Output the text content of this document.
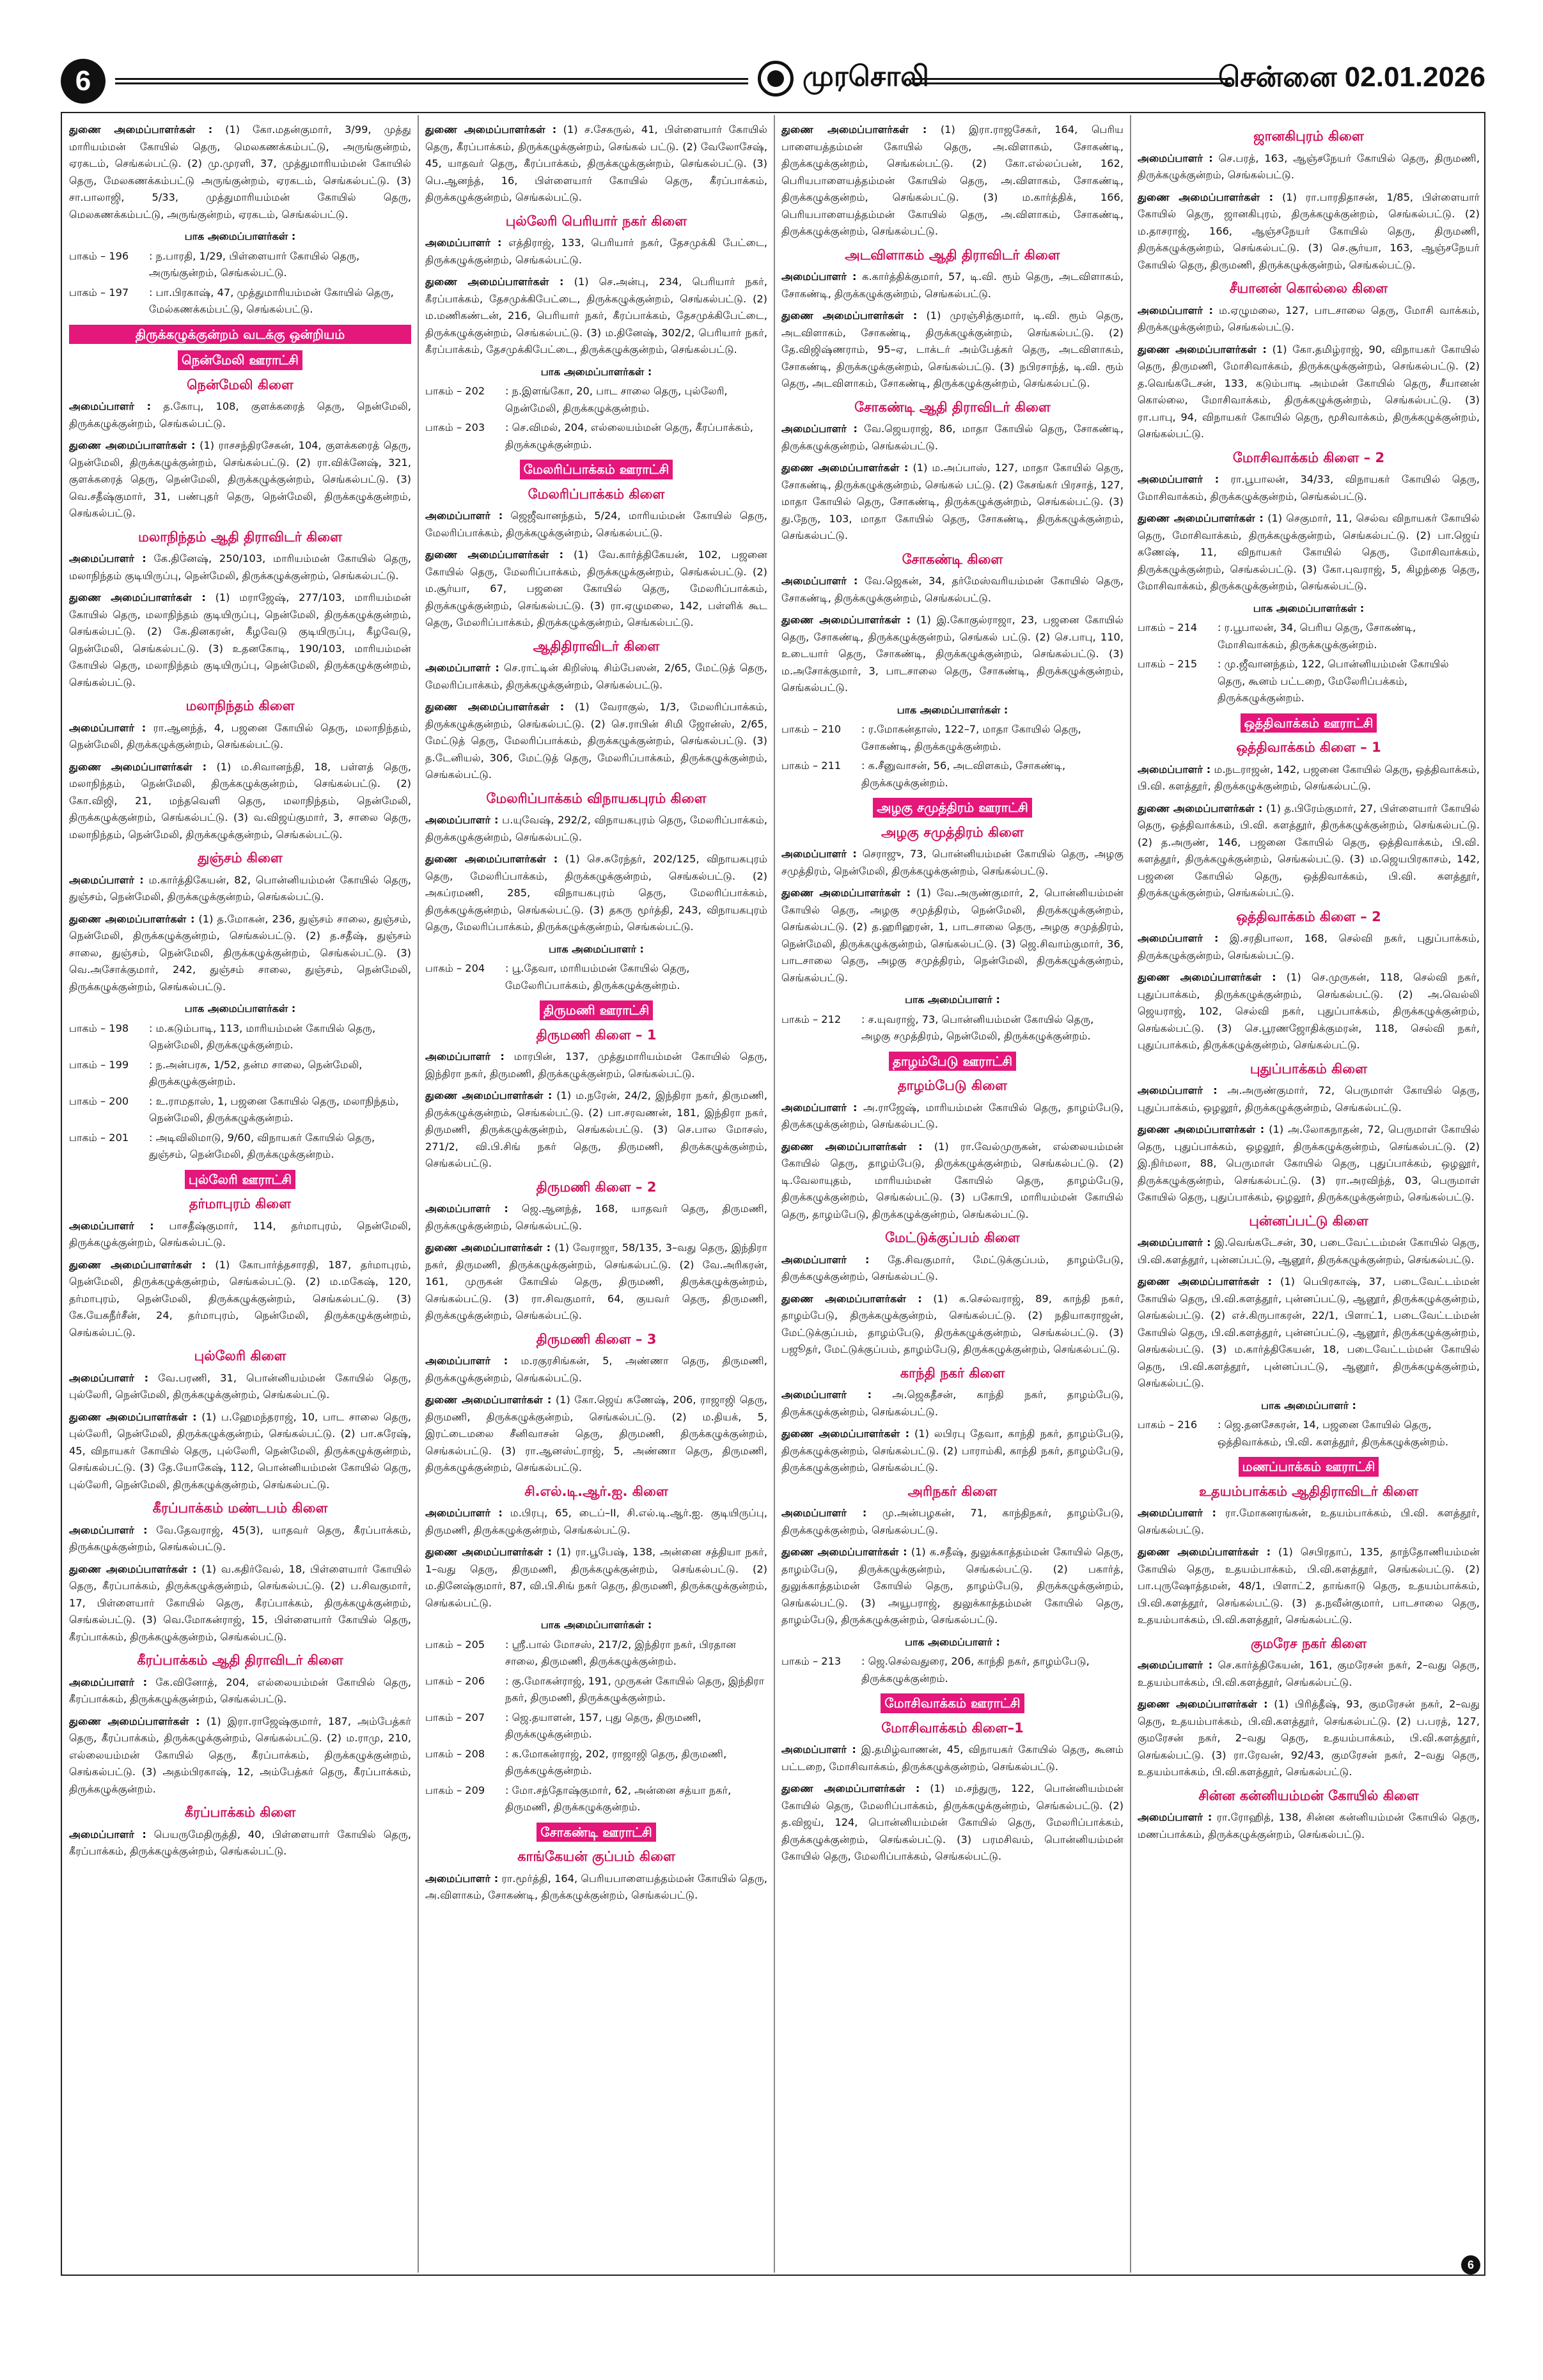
6	முரசொலி	சென்னை 02.01.2026

துணை அமைப்பாளர்கள் : (1) கோ.மதன்குமார், 3/99, முத்து மாரியம்மன் கோயில் தெரு, மெலகணக்கம்பட்டு, அருங்குன்றம், ஏரகடம், செங்கல்பட்டு. (2) மு.முரளி, 37, முத்துமாரியம்மன் கோயில் தெரு, மேலகணக்கம்பட்டு அருங்குன்றம், ஏரகடம், செங்கல்பட்டு. (3) சா.பாலாஜி, 5/33, முத்துமாரியம்மன் கோயில் தெரு, மெலகணக்கம்பட்டு, அருங்குன்றம், ஏரகடம், செங்கல்பட்டு.

பாக அமைப்பாளர்கள் :
பாகம் – 196	: ந.பாரதி, 1/29, பிள்ளையார் கோயில் தெரு, அருங்குன்றம், செங்கல்பட்டு.
பாகம் – 197	: பா.பிரகாஷ், 47, முத்துமாரியம்மன் கோயில் தெரு, மேல்கணக்கம்பட்டு, செங்கல்பட்டு.
திருக்கழுக்குன்றம் வடக்கு ஒன்றியம்
நென்மேலி ஊராட்சி
நென்மேலி கிளை

அமைப்பாளர் : த.கோபு, 108, குளக்கரைத் தெரு, நென்மேலி, திருக்கழுக்குன்றம், செங்கல்பட்டு.

துணை அமைப்பாளர்கள் : (1) ராசசந்திரசேகன், 104, குளக்கரைத் தெரு, நென்மேலி, திருக்கழுக்குன்றம், செங்கல்பட்டு. (2) ரா.விக்னேஷ், 321, குளக்கரைத் தெரு, நென்மேலி, திருக்கழுக்குன்றம், செங்கல்பட்டு. (3) வெ.சதீஷ்குமார், 31, பண்புதர் தெரு, நென்மேலி, திருக்கழுக்குன்றம், செங்கல்பட்டு.

மலாநிந்தம் ஆதி திராவிடர் கிளை

அமைப்பாளர் : கே.தினேஷ், 250/103, மாரியம்மன் கோயில் தெரு, மலாநிந்தம் குடியிருப்பு, நென்மேலி, திருக்கழுக்குன்றம், செங்கல்பட்டு.

துணை அமைப்பாளர்கள் : (1) மராஜேஷ், 277/103, மாரியம்மன் கோயில் தெரு, மலாநிந்தம் குடியிருப்பு, நென்மேலி, திருக்கழுக்குன்றம், செங்கல்பட்டு. (2) கே.தினகரன், கீழவேடு குடியிருப்பு, கீழவேடு, நென்மேலி, செங்கல்பட்டு. (3) உதனகோடி, 190/103, மாரியம்மன் கோயில் தெரு, மலாநிந்தம் குடியிருப்பு, நென்மேலி, திருக்கழுக்குன்றம், செங்கல்பட்டு.

மலாநிந்தம் கிளை

அமைப்பாளர் : ரா.ஆனந்த், 4, பஜனை கோயில் தெரு, மலாநிந்தம், நென்மேலி, திருக்கழுக்குன்றம், செங்கல்பட்டு.

துணை அமைப்பாளர்கள் : (1) ம.சிவானந்தி, 18, பள்ளத் தெரு, மலாநிந்தம், நென்மேலி, திருக்கழுக்குன்றம், செங்கல்பட்டு. (2) கோ.விஜி, 21, மந்தவெளி தெரு, மலாநிந்தம், நென்மேலி, திருக்கழுக்குன்றம், செங்கல்பட்டு. (3) வ.விஜய்குமார், 3, சாலை தெரு, மலாநிந்தம், நென்மேலி, திருக்கழுக்குன்றம், செங்கல்பட்டு.

துஞ்சம் கிளை

அமைப்பாளர் : ம.கார்த்திகேயன், 82, பொன்னியம்மன் கோயில் தெரு, துஞ்சம், நென்மேலி, திருக்கழுக்குன்றம், செங்கல்பட்டு.

துணை அமைப்பாளர்கள் : (1) த.மோகன், 236, துஞ்சம் சாலை, துஞ்சம், நென்மேலி, திருக்கழுக்குன்றம், செங்கல்பட்டு. (2) த.சதீஷ், துஞ்சம் சாலை, துஞ்சம், நென்மேலி, திருக்கழுக்குன்றம், செங்கல்பட்டு. (3) வெ.அசோக்குமார், 242, துஞ்சம் சாலை, துஞ்சம், நென்மேலி, திருக்கழுக்குன்றம், செங்கல்பட்டு.

பாக அமைப்பாளர்கள் :
பாகம் – 198	: ம.கடும்பாடி, 113, மாரியம்மன் கோயில் தெரு, நென்மேலி, திருக்கழுக்குன்றம்.
பாகம் – 199	: ந.அன்பரசு, 1/52, தன்ம சாலை, நென்மேலி, திருக்கழுக்குன்றம்.
பாகம் – 200	: உ.ராமதாஸ், 1, பஜனை கோயில் தெரு, மலாநிந்தம், நென்மேலி, திருக்கழுக்குன்றம்.
பாகம் – 201	: அடிவிலிமாடு, 9/60, விநாயகர் கோயில் தெரு, துஞ்சம், நென்மேலி, திருக்கழுக்குன்றம்.
புல்லேரி ஊராட்சி
தர்மாபுரம் கிளை

அமைப்பாளர் : பாசதீஷ்குமார், 114, தர்மாபுரம், நென்மேலி, திருக்கழுக்குன்றம், செங்கல்பட்டு.

துணை அமைப்பாளர்கள் : (1) கோபார்த்தசாரதி, 187, தர்மாபுரம், நென்மேலி, திருக்கழுக்குன்றம், செங்கல்பட்டு. (2) ம.மகேஷ், 120, தர்மாபுரம், நென்மேலி, திருக்கழுக்குன்றம், செங்கல்பட்டு. (3) கே.யேசுநீர்சீன், 24, தர்மாபுரம், நென்மேலி, திருக்கழுக்குன்றம், செங்கல்பட்டு.

புல்லேரி கிளை

அமைப்பாளர் : வே.பரணி, 31, பொன்னியம்மன் கோயில் தெரு, புல்லேரி, நென்மேலி, திருக்கழுக்குன்றம், செங்கல்பட்டு.

துணை அமைப்பாளர்கள் : (1) ப.ஹேமந்தராஜ், 10, பாட சாலை தெரு, புல்லேரி, நென்மேலி, திருக்கழுக்குன்றம், செங்கல்பட்டு. (2) பா.சுரேஷ், 45, விநாயகர் கோயில் தெரு, புல்லேரி, நென்மேலி, திருக்கழுக்குன்றம், செங்கல்பட்டு. (3) தே.யோகேஷ், 112, பொன்னியம்மன் கோயில் தெரு, புல்லேரி, நென்மேலி, திருக்கழுக்குன்றம், செங்கல்பட்டு.

கீரப்பாக்கம் மண்டபம் கிளை

அமைப்பாளர் : வே.தேவராஜ், 45(3), யாதவர் தெரு, கீரப்பாக்கம், திருக்கழுக்குன்றம், செங்கல்பட்டு.

துணை அமைப்பாளர்கள் : (1) வ.கதிர்வேல், 18, பிள்ளையார் கோயில் தெரு, கீரப்பாக்கம், திருக்கழுக்குன்றம், செங்கல்பட்டு. (2) ப.சிவகுமார், 17, பிள்ளையார் கோயில் தெரு, கீரப்பாக்கம், திருக்கழுக்குன்றம், செங்கல்பட்டு. (3) வெ.மோகன்ராஜ், 15, பிள்ளையார் கோயில் தெரு, கீரப்பாக்கம், திருக்கழுக்குன்றம், செங்கல்பட்டு.

கீரப்பாக்கம் ஆதி திராவிடர் கிளை

அமைப்பாளர் : கே.வினோத், 204, எல்லையம்மன் கோயில் தெரு, கீரப்பாக்கம், திருக்கழுக்குன்றம், செங்கல்பட்டு.

துணை அமைப்பாளர்கள் : (1) இரா.ராஜேஷ்குமார், 187, அம்பேத்கர் தெரு, கீரப்பாக்கம், திருக்கழுக்குன்றம், செங்கல்பட்டு. (2) ம.ராமு, 210, எல்லையம்மன் கோயில் தெரு, கீரப்பாக்கம், திருக்கழுக்குன்றம், செங்கல்பட்டு. (3) அதம்பிரகாஷ், 12, அம்பேத்கர் தெரு, கீரப்பாக்கம், திருக்கழுக்குன்றம்.

கீரப்பாக்கம் கிளை

அமைப்பாளர் : பெயருமேதிருத்தி, 40, பிள்ளையார் கோயில் தெரு, கீரப்பாக்கம், திருக்கழுக்குன்றம், செங்கல்பட்டு.

துணை அமைப்பாளர்கள் : (1) ச.சேகருல், 41, பிள்ளையார் கோயில் தெரு, கீரப்பாக்கம், திருக்கழுக்குன்றம், செங்கல் பட்டு. (2) வேலோசேஷ், 45, யாதவர் தெரு, கீரப்பாக்கம், திருக்கழுக்குன்றம், செங்கல்பட்டு. (3) பெ.ஆனந்த், 16, பிள்ளையார் கோயில் தெரு, கீரப்பாக்கம், திருக்கழுக்குன்றம், செங்கல்பட்டு.

புல்லேரி பெரியார் நகர் கிளை

அமைப்பாளர் : எத்திராஜ், 133, பெரியார் நகர், தேசமுக்கி பேட்டை, திருக்கழுக்குன்றம், செங்கல்பட்டு.

துணை அமைப்பாளர்கள் : (1) செ.அன்பு, 234, பெரியார் நகர், கீரப்பாக்கம், தேசமுக்கிபேட்டை, திருக்கழுக்குன்றம், செங்கல்பட்டு. (2) ம.மணிகண்டன், 216, பெரியார் நகர், கீரப்பாக்கம், தேசமுக்கிபேட்டை, திருக்கழுக்குன்றம், செங்கல்பட்டு. (3) ம.தினேஷ், 302/2, பெரியார் நகர், கீரப்பாக்கம், தேசமுக்கிபேட்டை, திருக்கழுக்குன்றம், செங்கல்பட்டு.

பாக அமைப்பாளர்கள் :
பாகம் – 202	: ந.இளங்கோ, 20, பாட சாலை தெரு, புல்லேரி, நென்மேலி, திருக்கழுக்குன்றம்.
பாகம் – 203	: செ.விமல், 204, எல்லையம்மன் தெரு, கீரப்பாக்கம், திருக்கழுக்குன்றம்.
மேலரிப்பாக்கம் ஊராட்சி
மேலரிப்பாக்கம் கிளை

அமைப்பாளர் : ஜெஜீவானந்தம், 5/24, மாரியம்மன் கோயில் தெரு, மேலரிப்பாக்கம், திருக்கழுக்குன்றம், செங்கல்பட்டு.

துணை அமைப்பாளர்கள் : (1) வே.கார்த்திகேயன், 102, பஜனை கோயில் தெரு, மேலரிப்பாக்கம், திருக்கழுக்குன்றம், செங்கல்பட்டு. (2) ம.சூர்யா, 67, பஜனை கோயில் தெரு, மேலரிப்பாக்கம், திருக்கழுக்குன்றம், செங்கல்பட்டு. (3) ரா.ஏழுமலை, 142, பள்ளிக் கூட தெரு, மேலரிப்பாக்கம், திருக்கழுக்குன்றம், செங்கல்பட்டு.

ஆதிதிராவிடர் கிளை

அமைப்பாளர் : செ.ராட்டின் கிறிஸ்டி சிம்பேஸன், 2/65, மேட்டுத் தெரு, மேலரிப்பாக்கம், திருக்கழுக்குன்றம், செங்கல்பட்டு.

துணை அமைப்பாளர்கள் : (1) வேராகுல், 1/3, மேலரிப்பாக்கம், திருக்கழுக்குன்றம், செங்கல்பட்டு. (2) செ.ராபின் சிமி ஜோன்ஸ், 2/65, மேட்டுத் தெரு, மேலரிப்பாக்கம், திருக்கழுக்குன்றம், செங்கல்பட்டு. (3) த.டேனியல், 306, மேட்டுத் தெரு, மேலரிப்பாக்கம், திருக்கழுக்குன்றம், செங்கல்பட்டு.

மேலரிப்பாக்கம் விநாயகபுரம் கிளை

அமைப்பாளர் : ப.யுவேஷ், 292/2, விநாயகபுரம் தெரு, மேலரிப்பாக்கம், திருக்கழுக்குன்றம், செங்கல்பட்டு.

துணை அமைப்பாளர்கள் : (1) செ.சுரேந்தர், 202/125, விநாயகபுரம் தெரு, மேலரிப்பாக்கம், திருக்கழுக்குன்றம், செங்கல்பட்டு. (2) அகப்ரமணி, 285, விநாயகபுரம் தெரு, மேலரிப்பாக்கம், திருக்கழுக்குன்றம், செங்கல்பட்டு. (3) தகரு மூர்த்தி, 243, விநாயகபுரம் தெரு, மேலரிப்பாக்கம், திருக்கழுக்குன்றம், செங்கல்பட்டு.

பாக அமைப்பாளர் :
பாகம் – 204	: பூ.தேவா, மாரியம்மன் கோயில் தெரு, மேலேரிப்பாக்கம், திருக்கழுக்குன்றம்.
திருமணி ஊராட்சி
திருமணி கிளை – 1

அமைப்பாளர் : மாரபின், 137, முத்துமாரியம்மன் கோயில் தெரு, இந்திரா நகர், திருமணி, திருக்கழுக்குன்றம், செங்கல்பட்டு.

துணை அமைப்பாளர்கள் : (1) ம.நரேன், 24/2, இந்திரா நகர், திருமணி, திருக்கழுக்குன்றம், செங்கல்பட்டு. (2) பா.சரவணன், 181, இந்திரா நகர், திருமணி, திருக்கழுக்குன்றம், செங்கல்பட்டு. (3) செ.பால மோசஸ், 271/2, வி.பி.சிங் நகர் தெரு, திருமணி, திருக்கழுக்குன்றம், செங்கல்பட்டு.

திருமணி கிளை – 2

அமைப்பாளர் : ஜெ.ஆனந்த், 168, யாதவர் தெரு, திருமணி, திருக்கழுக்குன்றம், செங்கல்பட்டு.

துணை அமைப்பாளர்கள் : (1) வேராஜா, 58/135, 3–வது தெரு, இந்திரா நகர், திருமணி, திருக்கழுக்குன்றம், செங்கல்பட்டு. (2) வே.அரிகரன், 161, முருகன் கோயில் தெரு, திருமணி, திருக்கழுக்குன்றம், செங்கல்பட்டு. (3) ரா.சிவகுமார், 64, குயவர் தெரு, திருமணி, திருக்கழுக்குன்றம், செங்கல்பட்டு.

திருமணி கிளை – 3

அமைப்பாளர் : ம.ரகுரசிங்கன், 5, அண்ணா தெரு, திருமணி, திருக்கழுக்குன்றம், செங்கல்பட்டு.

துணை அமைப்பாளர்கள் : (1) கோ.ஜெய் கணேஷ், 206, ராஜாஜி தெரு, திருமணி, திருக்கழுக்குன்றம், செங்கல்பட்டு. (2) ம.தியக், 5, இரட்டைமலை சீனிவாசன் தெரு, திருமணி, திருக்கழுக்குன்றம், செங்கல்பட்டு. (3) ரா.ஆனஸ்ட்ராஜ், 5, அண்ணா தெரு, திருமணி, திருக்கழுக்குன்றம், செங்கல்பட்டு.

சி.எல்.டி.ஆர்.ஐ. கிளை

அமைப்பாளர் : ம.பிரபு, 65, டைப்–II, சி.எல்.டி.ஆர்.ஐ. குடியிருப்பு, திருமணி, திருக்கழுக்குன்றம், செங்கல்பட்டு.

துணை அமைப்பாளர்கள் : (1) ரா.பூபேஷ், 138, அன்னை சத்தியா நகர், 1–வது தெரு, திருமணி, திருக்கழுக்குன்றம், செங்கல்பட்டு. (2) ம.தினேஷ்குமார், 87, வி.பி.சிங் நகர் தெரு, திருமணி, திருக்கழுக்குன்றம், செங்கல்பட்டு.

பாக அமைப்பாளர்கள் :
பாகம் – 205	: ஸ்ரீ.பால் மோசஸ், 217/2, இந்திரா நகர், பிரதான சாலை, திருமணி, திருக்கழுக்குன்றம்.
பாகம் – 206	: கு.மோகன்ராஜ், 191, முருகன் கோயில் தெரு, இந்திரா நகர், திருமணி, திருக்கழுக்குன்றம்.
பாகம் – 207	: ஜெ.தயாளன், 157, புது தெரு, திருமணி, திருக்கழுக்குன்றம்.
பாகம் – 208	: க.மோகன்ராஜ், 202, ராஜாஜி தெரு, திருமணி, திருக்கழுக்குன்றம்.
பாகம் – 209	: மோ.சந்தோஷ்குமார், 62, அன்னை சத்யா நகர், திருமணி, திருக்கழுக்குன்றம்.
சோகண்டி ஊராட்சி
காங்கேயன் குப்பம் கிளை

அமைப்பாளர் : ரா.மூர்த்தி, 164, பெரியபாளையத்தம்மன் கோயில் தெரு, அ.விளாகம், சோகண்டி, திருக்கழுக்குன்றம், செங்கல்பட்டு.

துணை அமைப்பாளர்கள் : (1) இரா.ராஜசேகர், 164, பெரிய பாளையத்தம்மன் கோயில் தெரு, அ.விளாகம், சோகண்டி, திருக்கழுக்குன்றம், செங்கல்பட்டு. (2) கோ.எல்லப்பன், 162, பெரியபாளையத்தம்மன் கோயில் தெரு, அ.விளாகம், சோகண்டி, திருக்கழுக்குன்றம், செங்கல்பட்டு. (3) ம.கார்த்திக், 166, பெரியபாளையத்தம்மன் கோயில் தெரு, அ.விளாகம், சோகண்டி, திருக்கழுக்குன்றம், செங்கல்பட்டு.

அடவிளாகம் ஆதி திராவிடர் கிளை

அமைப்பாளர் : க.கார்த்திக்குமார், 57, டி.வி. ரூம் தெரு, அடவிளாகம், சோகண்டி, திருக்கழுக்குன்றம், செங்கல்பட்டு.

துணை அமைப்பாளர்கள் : (1) முரஞ்சித்குமார், டி.வி. ரூம் தெரு, அடவிளாகம், சோகண்டி, திருக்கழுக்குன்றம், செங்கல்பட்டு. (2) தே.விஜிஷ்ணராம், 95–ஏ, டாக்டர் அம்பேத்கர் தெரு, அடவிளாகம், சோகண்டி, திருக்கழுக்குன்றம், செங்கல்பட்டு. (3) நபிரசாந்த், டி.வி. ரூம் தெரு, அடவிளாகம், சோகண்டி, திருக்கழுக்குன்றம், செங்கல்பட்டு.

சோகண்டி ஆதி திராவிடர் கிளை

அமைப்பாளர் : வே.ஜெயராஜ், 86, மாதா கோயில் தெரு, சோகண்டி, திருக்கழுக்குன்றம், செங்கல்பட்டு.

துணை அமைப்பாளர்கள் : (1) ம.அப்பாஸ், 127, மாதா கோயில் தெரு, சோகண்டி, திருக்கழுக்குன்றம், செங்கல் பட்டு. (2) கேசங்கர் பிரசாத், 127, மாதா கோயில் தெரு, சோகண்டி, திருக்கழுக்குன்றம், செங்கல்பட்டு. (3) து.நேரு, 103, மாதா கோயில் தெரு, சோகண்டி, திருக்கழுக்குன்றம், செங்கல்பட்டு.

சோகண்டி கிளை

அமைப்பாளர் : வே.ஜெகன், 34, தர்மேஸ்வரியம்மன் கோயில் தெரு, சோகண்டி, திருக்கழுக்குன்றம், செங்கல்பட்டு.

துணை அமைப்பாளர்கள் : (1) இ.கோகுல்ராஜா, 23, பஜனை கோயில் தெரு, சோகண்டி, திருக்கழுக்குன்றம், செங்கல் பட்டு. (2) செ.பாபு, 110, உடையார் தெரு, சோகண்டி, திருக்கழுக்குன்றம், செங்கல்பட்டு. (3) ம.அசோக்குமார், 3, பாடசாலை தெரு, சோகண்டி, திருக்கழுக்குன்றம், செங்கல்பட்டு.

பாக அமைப்பாளர்கள் :
பாகம் – 210	: ர.மோகன்தாஸ், 122–7, மாதா கோயில் தெரு, சோகண்டி, திருக்கழுக்குன்றம்.
பாகம் – 211	: க.சீனுவாசன், 56, அடவிளகம், சோகண்டி, திருக்கழுக்குன்றம்.
அழகு சமுத்திரம் ஊராட்சி
அழகு சமுத்திரம் கிளை

அமைப்பாளர் : செராஜு, 73, பொன்னியம்மன் கோயில் தெரு, அழகு சமுத்திரம், நென்மேலி, திருக்கழுக்குன்றம், செங்கல்பட்டு.

துணை அமைப்பாளர்கள் : (1) வே.அருண்குமார், 2, பொன்னியம்மன் கோயில் தெரு, அழகு சமுத்திரம், நென்மேலி, திருக்கழுக்குன்றம், செங்கல்பட்டு. (2) த.ஹரிஹரன், 1, பாடசாலை தெரு, அழகு சமுத்திரம், நென்மேலி, திருக்கழுக்குன்றம், செங்கல்பட்டு. (3) ஜெ.சிவாம்குமார், 36, பாடசாலை தெரு, அழகு சமுத்திரம், நென்மேலி, திருக்கழுக்குன்றம், செங்கல்பட்டு.

பாக அமைப்பாளர் :
பாகம் – 212	: ச.யுவராஜ், 73, பொன்னியம்மன் கோயில் தெரு, அழகு சமுத்திரம், நென்மேலி, திருக்கழுக்குன்றம்.
தாழம்பேடு ஊராட்சி
தாழம்பேடு கிளை

அமைப்பாளர் : அ.ராஜேஷ், மாரியம்மன் கோயில் தெரு, தாழம்பேடு, திருக்கழுக்குன்றம், செங்கல்பட்டு.

துணை அமைப்பாளர்கள் : (1) ரா.வேல்முருகன், எல்லையம்மன் கோயில் தெரு, தாழம்பேடு, திருக்கழுக்குன்றம், செங்கல்பட்டு. (2) டி.வேலாயுதம், மாரியம்மன் கோயில் தெரு, தாழம்பேடு, திருக்கழுக்குன்றம், செங்கல்பட்டு. (3) பகோபி, மாரியம்மன் கோயில் தெரு, தாழம்பேடு, திருக்கழுக்குன்றம், செங்கல்பட்டு.

மேட்டுக்குப்பம் கிளை

அமைப்பாளர் : தே.சிவகுமார், மேட்டுக்குப்பம், தாழம்பேடு, திருக்கழுக்குன்றம், செங்கல்பட்டு.

துணை அமைப்பாளர்கள் : (1) க.செல்வராஜ், 89, காந்தி நகர், தாழம்பேடு, திருக்கழுக்குன்றம், செங்கல்பட்டு. (2) நதியாகராஜன், மேட்டுக்குப்பம், தாழம்பேடு, திருக்கழுக்குன்றம், செங்கல்பட்டு. (3) பஜூதர், மேட்டுக்குப்பம், தாழம்பேடு, திருக்கழுக்குன்றம், செங்கல்பட்டு.

காந்தி நகர் கிளை

அமைப்பாளர் : அ.ஜெகதீசன், காந்தி நகர், தாழம்பேடு, திருக்கழுக்குன்றம், செங்கல்பட்டு.

துணை அமைப்பாளர்கள் : (1) லபிரபு தேவா, காந்தி நகர், தாழம்பேடு, திருக்கழுக்குன்றம், செங்கல்பட்டு. (2) பாராம்கி, காந்தி நகர், தாழம்பேடு, திருக்கழுக்குன்றம், செங்கல்பட்டு.

அரிநகர் கிளை

அமைப்பாளர் : மு.அன்பழகன், 71, காந்திநகர், தாழம்பேடு, திருக்கழுக்குன்றம், செங்கல்பட்டு.

துணை அமைப்பாளர்கள் : (1) க.சதீஷ், துலுக்காத்தம்மன் கோயில் தெரு, தாழம்பேடு, திருக்கழுக்குன்றம், செங்கல்பட்டு. (2) பகார்த், துலுக்காத்தம்மன் கோயில் தெரு, தாழம்பேடு, திருக்கழுக்குன்றம், செங்கல்பட்டு. (3) அயூபராஜ், துலுக்காத்தம்மன் கோயில் தெரு, தாழம்பேடு, திருக்கழுக்குன்றம், செங்கல்பட்டு.

பாக அமைப்பாளர் :
பாகம் – 213	: ஜெ.செல்வதுரை, 206, காந்தி நகர், தாழம்பேடு, திருக்கழுக்குன்றம்.
மோசிவாக்கம் ஊராட்சி
மோசிவாக்கம் கிளை–1

அமைப்பாளர் : இ.தமிழ்வாணன், 45, விநாயகர் கோயில் தெரு, கூனம் பட்டறை, மோசிவாக்கம், திருக்கழுக்குன்றம், செங்கல்பட்டு.

துணை அமைப்பாளர்கள் : (1) ம.சந்துரு, 122, பொன்னியம்மன் கோயில் தெரு, மேலரிப்பாக்கம், திருக்கழுக்குன்றம், செங்கல்பட்டு. (2) த.விஜய், 124, பொன்னியம்மன் கோயில் தெரு, மேலரிப்பாக்கம், திருக்கழுக்குன்றம், செங்கல்பட்டு. (3) பரமசிவம், பொன்னியம்மன் கோயில் தெரு, மேலரிப்பாக்கம், செங்கல்பட்டு.

ஜானகிபுரம் கிளை

அமைப்பாளர் : செ.பரத், 163, ஆஞ்சநேயர் கோயில் தெரு, திருமணி, திருக்கழுக்குன்றம், செங்கல்பட்டு.

துணை அமைப்பாளர்கள் : (1) ரா.பாரதிதாசன், 1/85, பிள்ளையார் கோயில் தெரு, ஜானகிபுரம், திருக்கழுக்குன்றம், செங்கல்பட்டு. (2) ம.தாசராஜ், 166, ஆஞ்சநேயர் கோயில் தெரு, திருமணி, திருக்கழுக்குன்றம், செங்கல்பட்டு. (3) செ.சூர்யா, 163, ஆஞ்சநேயர் கோயில் தெரு, திருமணி, திருக்கழுக்குன்றம், செங்கல்பட்டு.

சீயானன் கொல்லை கிளை

அமைப்பாளர் : ம.ஏழுமலை, 127, பாடசாலை தெரு, மோசி வாக்கம், திருக்கழுக்குன்றம், செங்கல்பட்டு.

துணை அமைப்பாளர்கள் : (1) கோ.தமிழ்ராஜ், 90, விநாயகர் கோயில் தெரு, திருமணி, மோசிவாக்கம், திருக்கழுக்குன்றம், செங்கல்பட்டு. (2) த.வெங்கடேசன், 133, கடும்பாடி அம்மன் கோயில் தெரு, சீயானன் கொல்லை, மோசிவாக்கம், திருக்கழுக்குன்றம், செங்கல்பட்டு. (3) ரா.பாபு, 94, விநாயகர் கோயில் தெரு, மூசிவாக்கம், திருக்கழுக்குன்றம், செங்கல்பட்டு.

மோசிவாக்கம் கிளை – 2

அமைப்பாளர் : ரா.பூபாலன், 34/33, விநாயகர் கோயில் தெரு, மோசிவாக்கம், திருக்கழுக்குன்றம், செங்கல்பட்டு.

துணை அமைப்பாளர்கள் : (1) செகுமார், 11, செல்வ விநாயகர் கோயில் தெரு, மோசிவாக்கம், திருக்கழுக்குன்றம், செங்கல்பட்டு. (2) பா.ஜெய் கணேஷ், 11, விநாயகர் கோயில் தெரு, மோசிவாக்கம், திருக்கழுக்குன்றம், செங்கல்பட்டு. (3) கோ.புவராஜ், 5, கிழந்தை தெரு, மோசிவாக்கம், திருக்கழுக்குன்றம், செங்கல்பட்டு.

பாக அமைப்பாளர்கள் :
பாகம் – 214	: ர.பூபாலன், 34, பெரிய தெரு, சோகண்டி, மோசிவாக்கம், திருக்கழுக்குன்றம்.
பாகம் – 215	: மு.ஜீவானந்தம், 122, பொன்னியம்மன் கோயில் தெரு, கூனம் பட்டறை, மேலேரிப்பக்கம், திருக்கழுக்குன்றம்.
ஒத்திவாக்கம் ஊராட்சி
ஒத்திவாக்கம் கிளை – 1

அமைப்பாளர் : ம.நடராஜன், 142, பஜனை கோயில் தெரு, ஒத்திவாக்கம், பி.வி. களத்தூர், திருக்கழுக்குன்றம், செங்கல்பட்டு.

துணை அமைப்பாளர்கள் : (1) த.பிரேம்குமார், 27, பிள்ளையார் கோயில் தெரு, ஒத்திவாக்கம், பி.வி. களத்தூர், திருக்கழுக்குன்றம், செங்கல்பட்டு. (2) த.அருண், 146, பஜனை கோயில் தெரு, ஒத்திவாக்கம், பி.வி. களத்தூர், திருக்கழுக்குன்றம், செங்கல்பட்டு. (3) ம.ஜெயபிரகாசம், 142, பஜனை கோயில் தெரு, ஒத்திவாக்கம், பி.வி. களத்தூர், திருக்கழுக்குன்றம், செங்கல்பட்டு.

ஒத்திவாக்கம் கிளை – 2

அமைப்பாளர் : இ.சரதிபாலா, 168, செல்வி நகர், புதுப்பாக்கம், திருக்கழுக்குன்றம், செங்கல்பட்டு.

துணை அமைப்பாளர்கள் : (1) செ.முருகன், 118, செல்வி நகர், புதுப்பாக்கம், திருக்கழுக்குன்றம், செங்கல்பட்டு. (2) அ.வெல்லி ஜெயராஜ், 102, செல்வி நகர், புதுப்பாக்கம், திருக்கழுக்குன்றம், செங்கல்பட்டு. (3) செ.பூரணஜோதிக்குமரன், 118, செல்வி நகர், புதுப்பாக்கம், திருக்கழுக்குன்றம், செங்கல்பட்டு.

புதுப்பாக்கம் கிளை

அமைப்பாளர் : அ.அருண்குமார், 72, பெருமாள் கோயில் தெரு, புதுப்பாக்கம், ஒழலூர், திருக்கழுக்குன்றம், செங்கல்பட்டு.

துணை அமைப்பாளர்கள் : (1) அ.லோகநாதன், 72, பெருமாள் கோயில் தெரு, புதுப்பாக்கம், ஒழலூர், திருக்கழுக்குன்றம், செங்கல்பட்டு. (2) இ.நிர்மலா, 88, பெருமாள் கோயில் தெரு, புதுப்பாக்கம், ஒழலூர், திருக்கழுக்குன்றம், செங்கல்பட்டு. (3) ரா.அரவிந்த், 03, பெருமாள் கோயில் தெரு, புதுப்பாக்கம், ஒழலூர், திருக்கழுக்குன்றம், செங்கல்பட்டு.

புன்னப்பட்டு கிளை

அமைப்பாளர் : இ.வெங்கடேசன், 30, படைவேட்டம்மன் கோயில் தெரு, பி.வி.களத்தூர், புன்னப்பட்டு, ஆனூர், திருக்கழுக்குன்றம், செங்கல்பட்டு.

துணை அமைப்பாளர்கள் : (1) பெபிரகாஷ், 37, படைவேட்டம்மன் கோயில் தெரு, பி.வி.களத்தூர், புன்னப்பட்டு, ஆனூர், திருக்கழுக்குன்றம், செங்கல்பட்டு. (2) எச்.கிருபாகரன், 22/1, பிளாட்1, படைவேட்டம்மன் கோயில் தெரு, பி.வி.களத்தூர், புன்னப்பட்டு, ஆனூர், திருக்கழுக்குன்றம், செங்கல்பட்டு. (3) ம.கார்த்திகேயன், 18, படைவேட்டம்மன் கோயில் தெரு, பி.வி.களத்தூர், புன்னப்பட்டு, ஆனூர், திருக்கழுக்குன்றம், செங்கல்பட்டு.

பாக அமைப்பாளர் :
பாகம் – 216	: ஜெ.தனசேகரன், 14, பஜனை கோயில் தெரு, ஒத்திவாக்கம், பி.வி. களத்தூர், திருக்கழுக்குன்றம்.
மணப்பாக்கம் ஊராட்சி
உதயம்பாக்கம் ஆதிதிராவிடர் கிளை

அமைப்பாளர் : ரா.மோகனரங்கன், உதயம்பாக்கம், பி.வி. களத்தூர், செங்கல்பட்டு.

துணை அமைப்பாளர்கள் : (1) செபிரதாப், 135, தாந்தோணியம்மன் கோயில் தெரு, உதயம்பாக்கம், பி.வி.களத்தூர், செங்கல்பட்டு. (2) பா.புருஷோத்தமன், 48/1, பிளாட்2, தாங்காடு தெரு, உதயம்பாக்கம், பி.வி.களத்தூர், செங்கல்பட்டு. (3) த.நவீன்குமார், பாடசாலை தெரு, உதயம்பாக்கம், பி.வி.களத்தூர், செங்கல்பட்டு.

குமரேச நகர் கிளை

அமைப்பாளர் : செ.கார்த்திகேயன், 161, குமரேசன் நகர், 2–வது தெரு, உதயம்பாக்கம், பி.வி.களத்தூர், செங்கல்பட்டு.

துணை அமைப்பாளர்கள் : (1) பிரித்தீஷ், 93, குமரேசன் நகர், 2–வது தெரு, உதயம்பாக்கம், பி.வி.களத்தூர், செங்கல்பட்டு. (2) ப.பரத், 127, குமரேசன் நகர், 2–வது தெரு, உதயம்பாக்கம், பி.வி.களத்தூர், செங்கல்பட்டு. (3) ரா.ரேவன், 92/43, குமரேசன் நகர், 2–வது தெரு, உதயம்பாக்கம், பி.வி.களத்தூர், செங்கல்பட்டு.

சின்ன கன்னியம்மன் கோயில் கிளை

அமைப்பாளர் : ரா.ரோஹித், 138, சின்ன கன்னியம்மன் கோயில் தெரு, மணப்பாக்கம், திருக்கழுக்குன்றம், செங்கல்பட்டு.

6
